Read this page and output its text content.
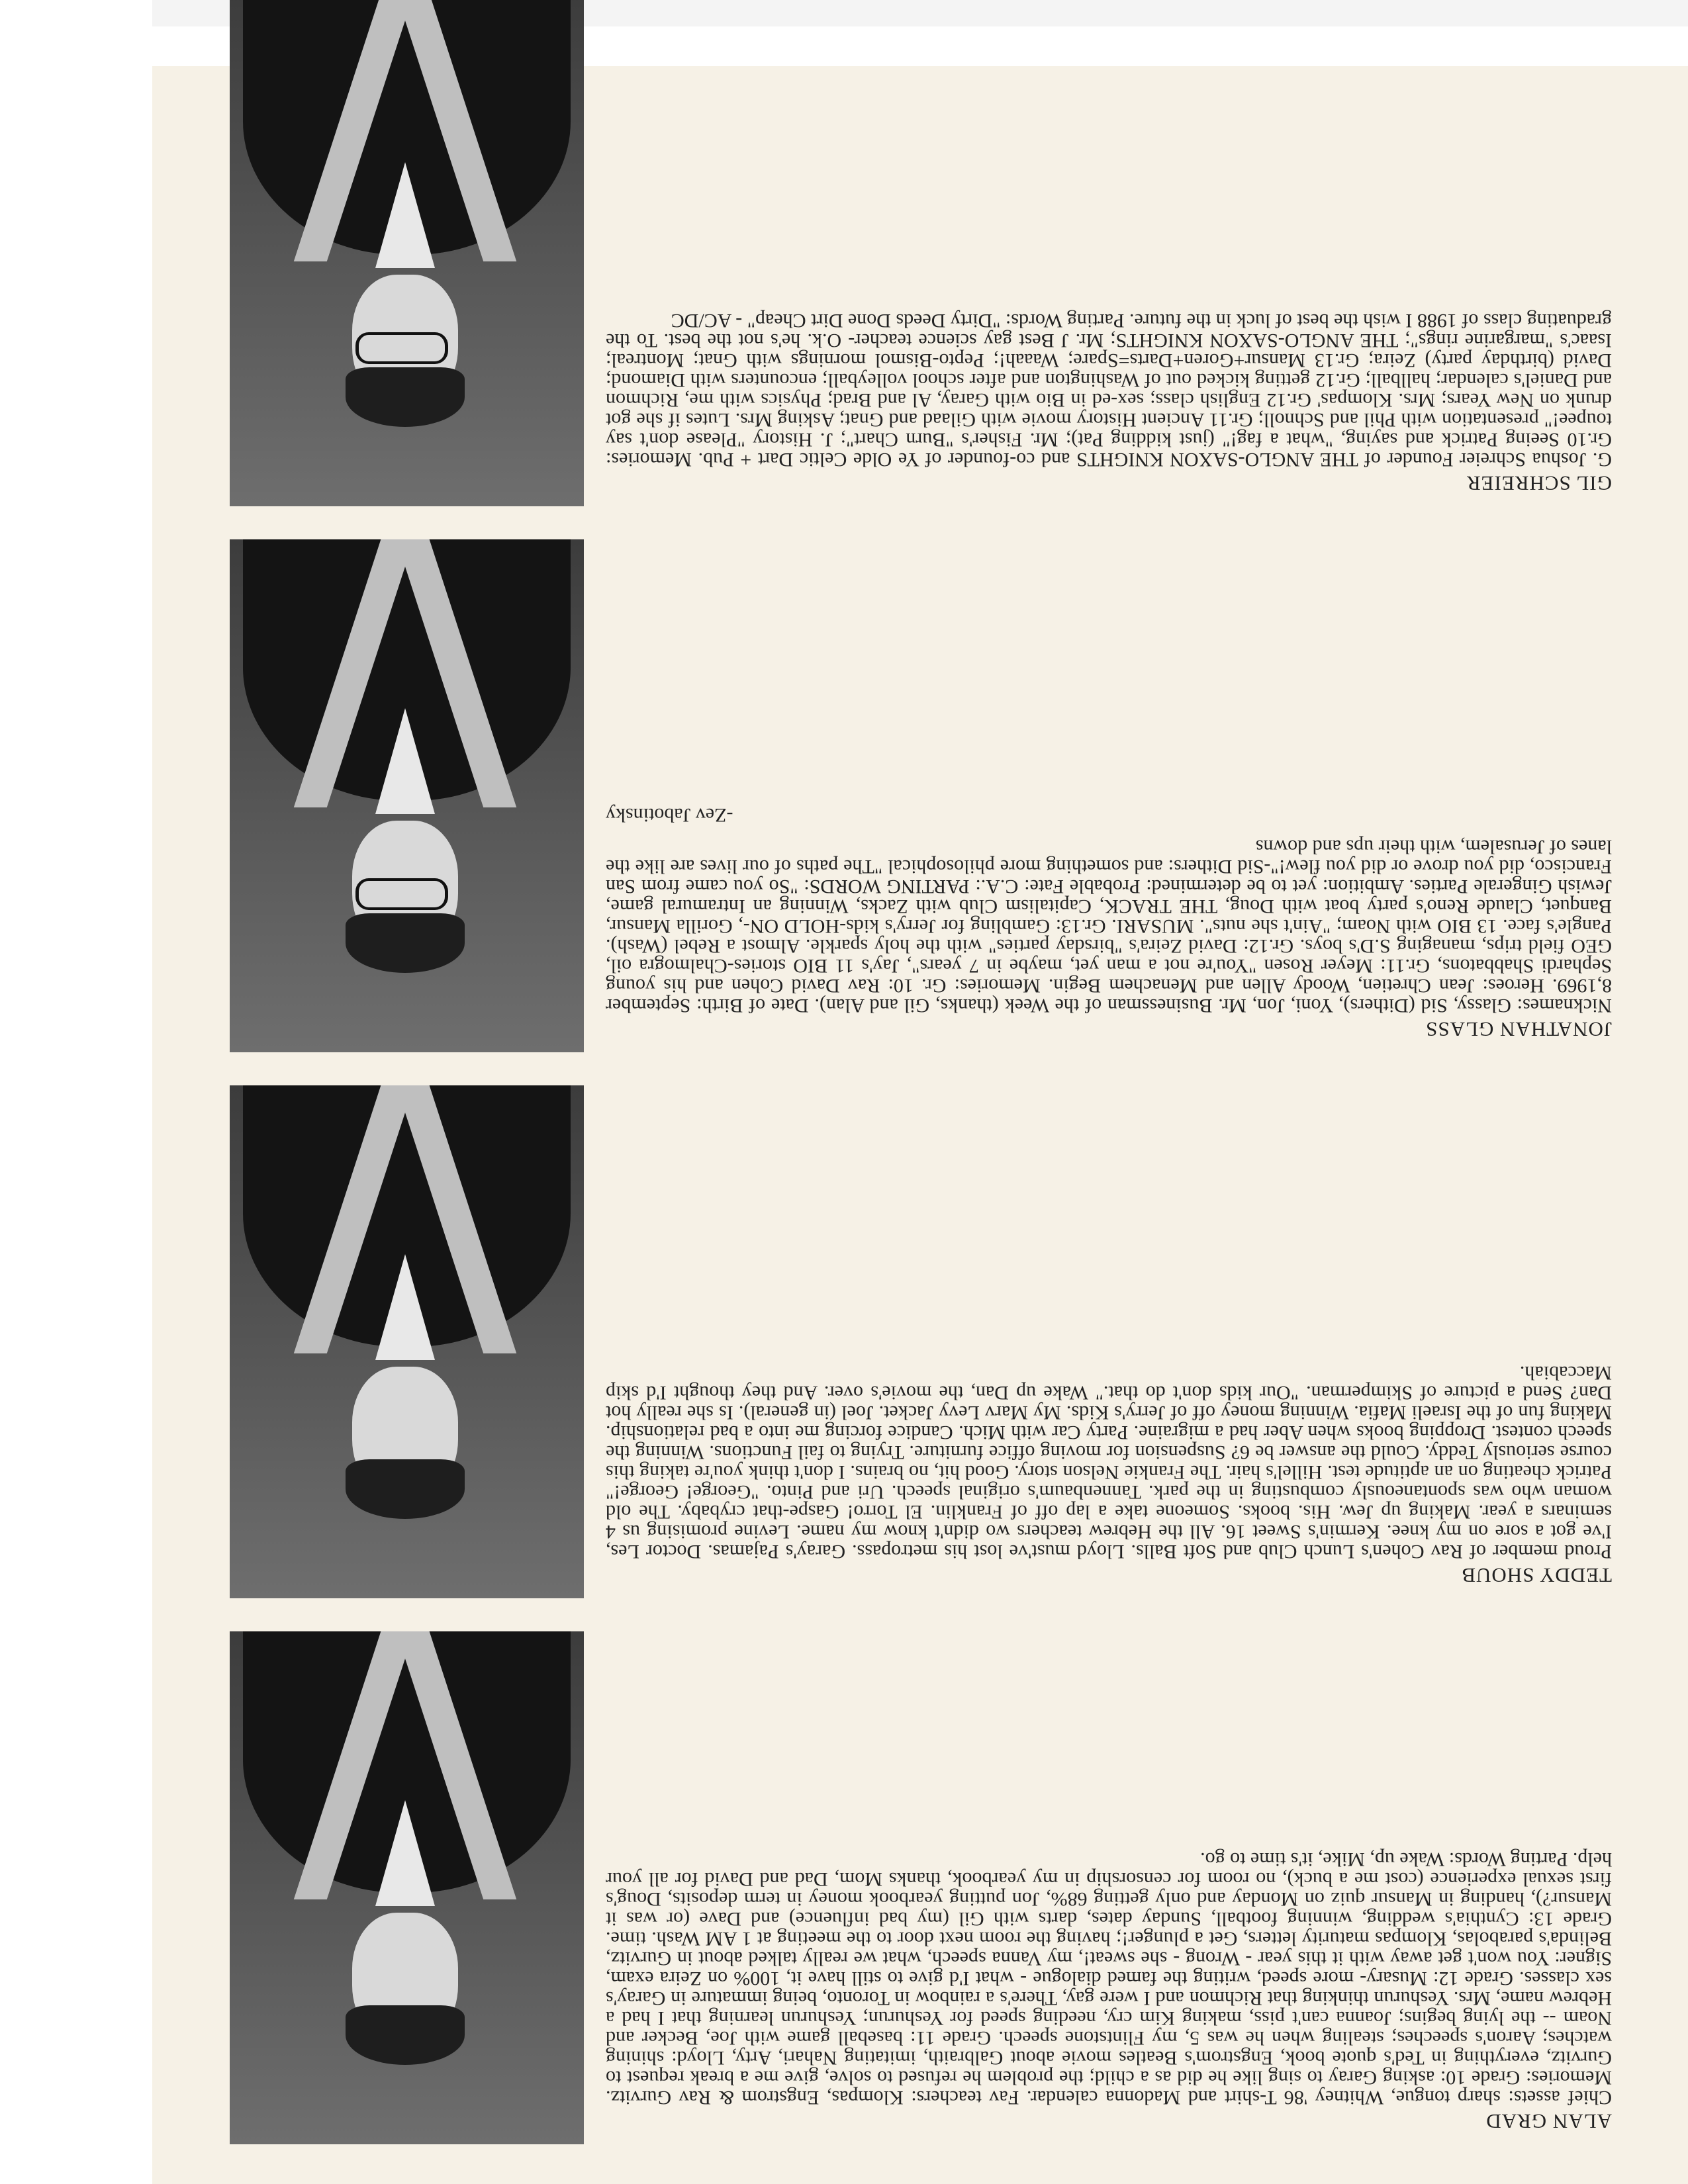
ALAN GRAD
Chief assets: sharp tongue, Whitney '86 T-shirt and Madonna calendar. Fav teachers: Klompas, Engstrom & Rav Gurvitz. Memories: Grade 10: asking Garay to sing like he did as a child; the problem he refused to solve, give me a break request to Gurvitz, everything in Ted's quote book, Engstrom's Beatles movie about Galbraith, imitating Nahari, Arty, Lloyd: shining watches; Aaron's speeches; stealing when he was 5, my Flintstone speech. Grade 11: baseball game with Joe, Becker and Noam -- the lying begins; Joanna can't piss, making Kim cry, needing speed for Yeshurun; Yeshurun learning that I had a Hebrew name, Mrs. Yeshurun thinking that Richmon and I were gay, There's a rainbow in Toronto, being immature in Garay's sex classes. Grade 12: Musary- more speed, writing the famed dialogue - what I'd give to still have it, 100% on Zeira exam, Signer: You won't get away with it this year - Wrong - she sweat!, my Vanna speech, what we really talked about in Gurvitz, Belinda's parabolas, Klompas maturity letters, Get a plunger!; having the room next door to the meeting at 1 AM Wash. time. Grade 13: Cynthia's wedding, winning football, Sunday dates, darts with Gil (my bad influence) and Dave (or was it Mansur?), handing in Mansur quiz on Monday and only getting 68%, Jon putting yearbook money in term deposits, Doug's first sexual experience (cost me a buck), no room for censorship in my yearbook, thanks Mom, Dad and David for all your help. Parting Words: Wake up, Mike, it's time to go.
TEDDY SHOUB
Proud member of Rav Cohen's Lunch Club and Soft Balls. Lloyd must've lost his metropass. Garay's Pajamas. Doctor Les, I've got a sore on my knee. Kermin's Sweet 16. All the Hebrew teachers wo didn't know my name. Levine promising us 4 seminars a year. Making up Jew. His. books. Someone take a lap off of Franklin. El Torro! Gaspe-that crybaby. The old woman who was spontaneously combusting in the park. Tannenbaum's original speech. Uri and Pinto. "George! George!" Patrick cheating on an aptitude test. Hillel's hair. The Frankie Nelson story. Good hit, no brains. I don't think you're taking this course seriously Teddy. Could the answer be 6? Suspension for moving office furniture. Trying to fail Functions. Winning the speech contest. Dropping books when Aber had a migraine. Party Car with Mich. Candice forcing me into a bad relationship. Making fun of the Israeli Mafia. Winning money off of Jerry's Kids. My Marv Levy Jacket. Joel (in general). Is she really hot Dan? Send a picture of Skimperman. "Our kids don't do that." Wake up Dan, the movie's over. And they thought I'd skip Maccabiah.
JONATHAN GLASS
Nicknames: Glassy, Sid (Dithers), Yoni, Jon, Mr. Businessman of the Week (thanks, Gil and Alan). Date of Birth: September 8,1969. Heroes: Jean Chretien, Woody Allen and Menachem Begin. Memories: Gr. 10: Rav David Cohen and his young Sephardi Shabbatons, Gr.11: Meyer Rosen "You're not a man yet, maybe in 7 years", Jay's 11 BIO stories-Chalmogra oil, GEO field trips, managing S.D's boys. Gr.12: David Zeira's "birsday parties" with the holy sparkle. Almost a Rebel (Wash). Pangle's face. 13 BIO with Noam; "Ain't she nuts". MUSARI. Gr.13: Gambling for Jerry's kids-HOLD ON-, Gorilla Mansur, Banquet, Claude Reno's party boat with Doug, THE TRACK, Capitalism Club with Zacks, Winning an Intramural game, Jewish Gingerale Parties. Ambition: yet to be determined: Probable Fate: C.A.: PARTING WORDS: "So you came from San Francisco, did you drove or did you flew!"-Sid Dithers: and something more philosophical "The paths of our lives are like the lanes of Jerusalem, with their ups and downs
-Zev Jabotinsky
GIL SCHREIER
G. Joshua Schreier Founder of THE ANGLO-SAXON KNIGHTS and co-founder of Ye Olde Celtic Dart + Pub. Memories: Gr.10 Seeing Patrick and saying, "what a fag!" (just kidding Pat); Mr. Fisher's "Burn Chart"; J. History "Please don't say toupee!" presentation with Phil and Schnoll; Gr.11 Ancient History movie with Gilaad and Gnat; Asking Mrs. Lutes if she got drunk on New Years; Mrs. Klompas' Gr.12 English class; sex-ed in Bio with Garay, Al and Brad; Physics with me, Richmon and Daniel's calendar; hallball; Gr.12 getting kicked out of Washington and after school volleyball; encounters with Diamond; David (birthday party) Zeira; Gr.13 Mansur+Goren+Darts=Spare; Waaah!; Pepto-Bismol mornings with Gnat; Montreal; Isaac's "margarine rings"; THE ANGLO-SAXON KNIGHTS; Mr. J Best gay science teacher- O.k. he's not the best. To the graduating class of 1988 I wish the best of luck in the future. Parting Words: "Dirty Deeds Done Dirt Cheap" - AC/DC
